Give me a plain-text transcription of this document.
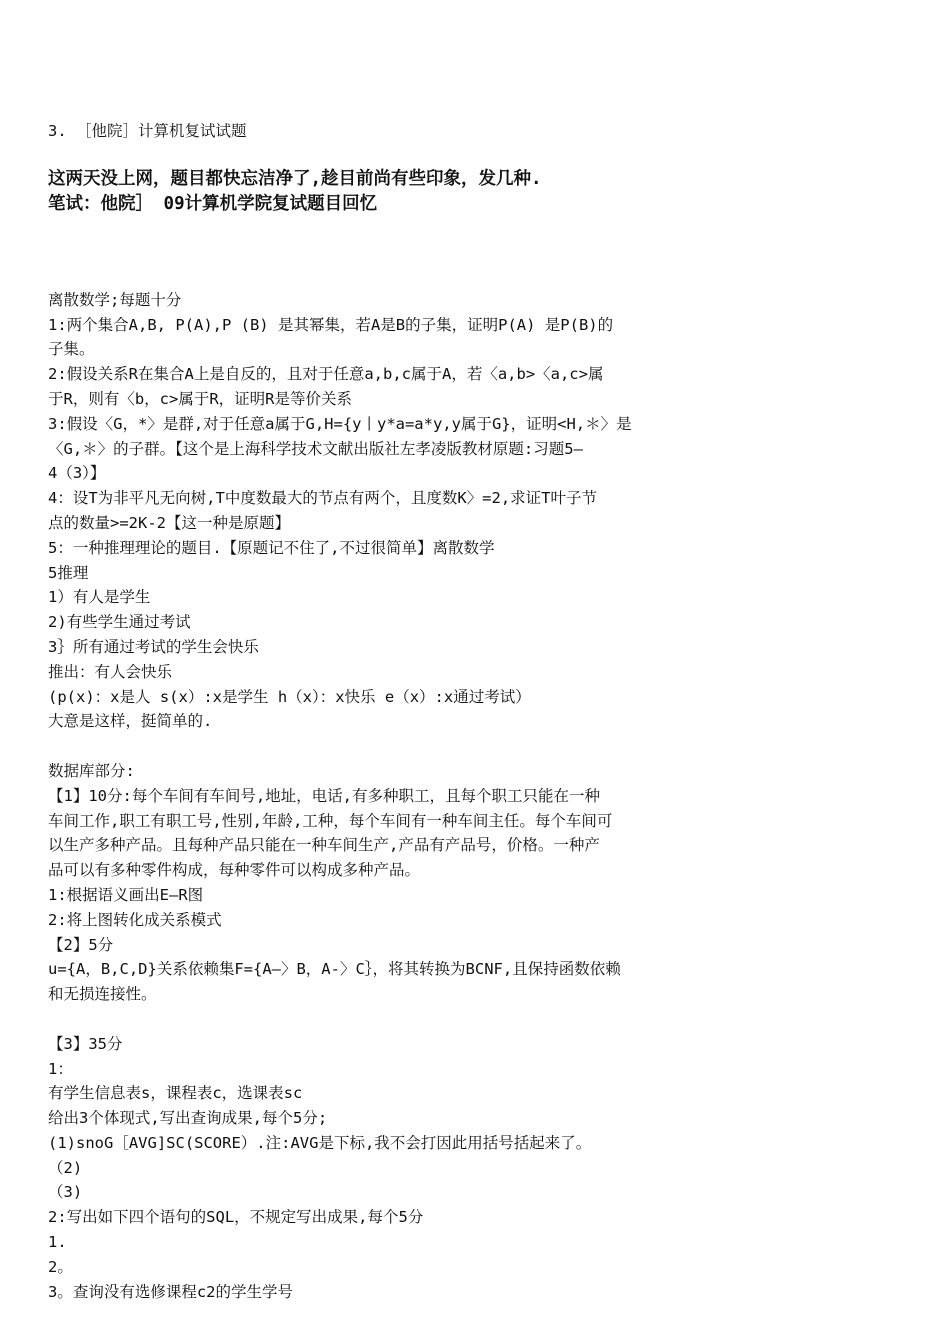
3. ［他院］计算机复试试题
这两天没上网，题目都快忘洁净了,趁目前尚有些印象，发几种.
笔试：他院］ 09计算机学院复试题目回忆
离散数学;每题十分
1:两个集合A,B, P(A),P (B) 是其幂集，若A是B的子集，证明P(A) 是P(B)的
子集。
2:假设关系R在集合A上是自反的，且对于任意a,b,c属于A，若〈a,b>〈a,c>属
于R，则有〈b，c>属于R，证明R是等价关系
3:假设〈G，*〉是群,对于任意a属于G,H={y丨y*a=a*y,y属于G}，证明<H,＊〉是
〈G,＊〉的子群。【这个是上海科学技术文献出版社左孝凌版教材原题:习题5—
4（3）】
4：设T为非平凡无向树,T中度数最大的节点有两个，且度数K〉=2,求证T叶子节
点的数量>=2K-2【这一种是原题】
5：一种推理理论的题目.【原题记不住了,不过很简单】离散数学
5推理
1）有人是学生
2)有些学生通过考试
3｝所有通过考试的学生会快乐
推出：有人会快乐
(p(x)：x是人 s(x）:x是学生 h（x）：x快乐 e（x）:x通过考试）
大意是这样，挺简单的.
数据库部分:
【1】10分:每个车间有车间号,地址，电话,有多种职工，且每个职工只能在一种
车间工作,职工有职工号,性别,年龄,工种，每个车间有一种车间主任。每个车间可
以生产多种产品。且每种产品只能在一种车间生产,产品有产品号，价格。一种产
品可以有多种零件构成，每种零件可以构成多种产品。
1:根据语义画出E—R图
2:将上图转化成关系模式
【2】5分
u={A，B,C,D}关系依赖集F={A—〉B，A-〉C｝，将其转换为BCNF,且保持函数依赖
和无损连接性。
【3】35分
1：
有学生信息表s，课程表c，选课表sc
给出3个体现式,写出查询成果,每个5分;
(1)snoG［AVG]SC(SCORE）.注:AVG是下标,我不会打因此用括号括起来了。
（2)
（3)
2:写出如下四个语句的SQL，不规定写出成果,每个5分
1.
2。
3。查询没有选修课程c2的学生学号
